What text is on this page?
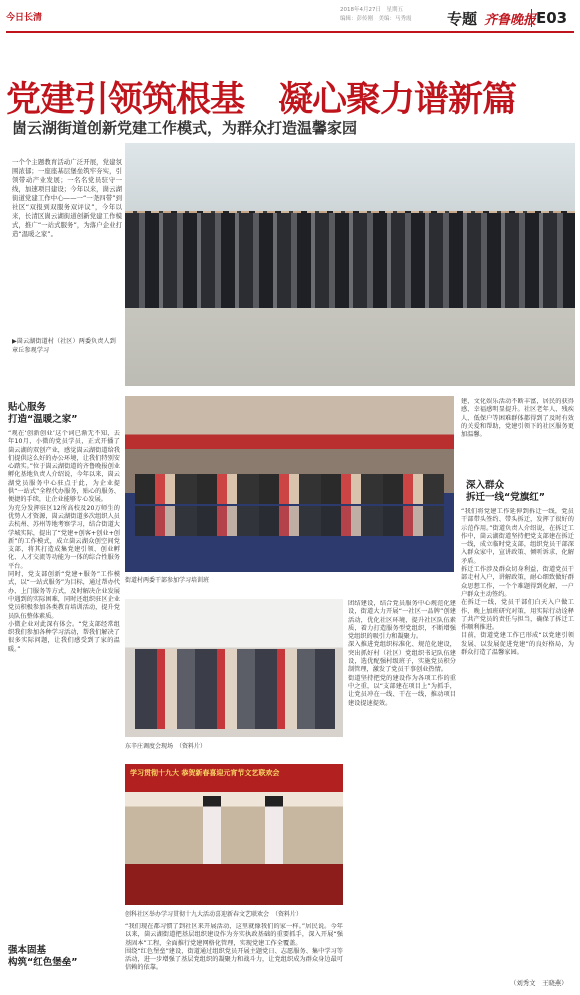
今日长清
2018年4月27日　星期五
编辑：彭传刚　美编：马秀霞	专题 齐鲁晚报 E03
党建引领筑根基　凝心聚力谱新篇
崮云湖街道创新党建工作模式，为群众打造温馨家园
一个个主题教育活动广泛开展，党建氛围浓郁；一座座基层堡垒筑牢夯实，引领带动产业发展；一名名党员驻守一线，加速项目建设；今年以来，崮云湖街道党建工作中心——一“一尧四带”到社区“双报到双服务双评议”，今年以来，长清区崮云湖街道创新党建工作模式，推广“一站式服务”，为落户企业打造“温暖之家”。
▶崮云湖街道村（社区）两委负责人到章丘参观学习
贴心服务
打造“温暖之家”
“观在‘创新创业’这个词已渐无不知，去年10月，小微的党员学员，正式开播了崮云湖的双创产业，感觉崮云湖街道给我们提供这么好的办公环境，让我们特别安心踏实。”位于崮云湖街道的齐鲁晚报创业孵化基地负责人介绍说，今年以来，崮云湖党员服务中心驻点于此，为企业提供“一站式”全程代办服务，贴心的服务、便捷的手续，让企业能够专心发展。
为充分发挥驻区12所高校及20万师生的优势人才资源，崮云湖街道多次组织人员去杭州、苏州等地考察学习，结合街道大学城实际，提出了“党建+创客+创业+创新”的工作模式，成立崮云湖众创空间党支部，将其打造成集党建引领、创业孵化、人才交流等功能为一体的综合性服务平台。
同时，党支部创新“党建+服务”工作模式，以“一站式服务”为目标，通过帮办代办、上门服务等方式，及时解决企业发展中遇到的实际困难，同时还组织驻区企业党员积极参加各类教育培训活动，提升党员队伍整体素质。
小微企业对此深有体会。“党支部经常组织我们参加各种学习活动，帮我们解决了很多实际问题，让我们感受到了家的温暖。”
强本固基
构筑“红色堡垒”
街道村两委干部参加学习培训班
东辛庄调度会现场　（资料片）
学习贯彻十九大 恭贺新春喜迎元宵节文艺联欢会
创科社区举办学习贯彻十九大活动喜迎新春文艺联欢会　（资料片）
团结建设，结合党员服务中心规范化建设，街道大力开展“一社区一品牌”创建活动，优化社区环境，提升社区队伍素质，着力打造服务型党组织，不断增强党组织的吸引力和凝聚力。
深入推进党组织标准化、规范化建设，突出抓好村（社区）党组织书记队伍建设，选优配强村级班子，实施党员积分制管理，激发了党员干事创业热情。
街道坚持把党的建设作为各项工作的重中之重，以“支部建在项目上”为抓手，让党员冲在一线、干在一线，推动项目建设提速提效。
“我们现在都习惯了到社区来开展活动，这里就像我们的家一样。”居民说。今年以来，崮云湖街道把基层组织建设作为夯实执政基础的重要抓手，深入开展“强基固本”工程，全面推行党建网格化管理，实现党建工作全覆盖。
围绕“红色堡垒”建设，街道通过组织党员开展主题党日、志愿服务、集中学习等活动，进一步增强了基层党组织的凝聚力和战斗力，让党组织成为群众身边最可信赖的依靠。
建，文化娱乐活动不断丰富，居民的获得感、幸福感明显提升。社区老年人、残疾人、低保户等困难群体都得到了及时有效的关爱和帮助，党建引领下的社区服务更加温馨。
深入群众
拆迁一线“党旗红”
“我们将党建工作延伸到拆迁一线，党员干部带头签约、带头拆迁，发挥了很好的示范作用。”街道负责人介绍说，在拆迁工作中，崮云湖街道坚持把党支部建在拆迁一线，成立临时党支部，组织党员干部深入群众家中，宣讲政策、倾听诉求、化解矛盾。
拆迁工作涉及群众切身利益，街道党员干部走村入户，讲解政策，耐心细致做好群众思想工作，一个个难题得到化解，一户户群众主动签约。
在拆迁一线，党员干部们白天入户做工作，晚上加班研究对策，用实际行动诠释了共产党员的责任与担当，确保了拆迁工作顺利推进。
目前，街道党建工作已形成“以党建引领发展、以发展促进党建”的良好格局，为群众打造了温馨家园。
（刘秀文　王晓燕）
